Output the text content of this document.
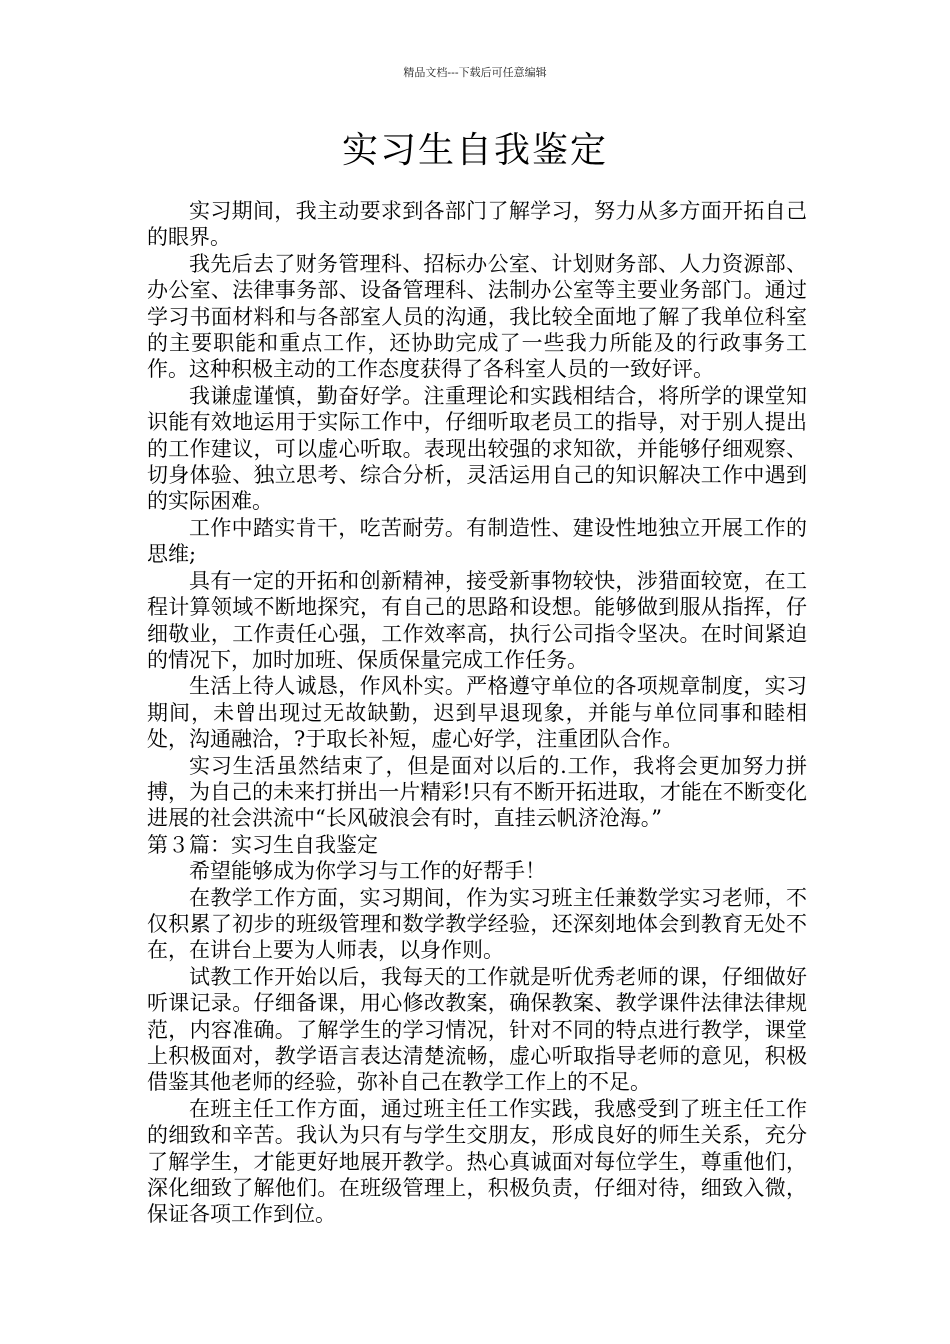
精品文档---下载后可任意编辑
实习生自我鉴定

实习期间，我主动要求到各部门了解学习，努力从多方面开拓自己的眼界。

我先后去了财务管理科、招标办公室、计划财务部、人力资源部、办公室、法律事务部、设备管理科、法制办公室等主要业务部门。通过学习书面材料和与各部室人员的沟通，我比较全面地了解了我单位科室的主要职能和重点工作，还协助完成了一些我力所能及的行政事务工作。这种积极主动的工作态度获得了各科室人员的一致好评。

我谦虚谨慎，勤奋好学。注重理论和实践相结合，将所学的课堂知识能有效地运用于实际工作中，仔细听取老员工的指导，对于别人提出的工作建议，可以虚心听取。表现出较强的求知欲，并能够仔细观察、切身体验、独立思考、综合分析，灵活运用自己的知识解决工作中遇到的实际困难。

工作中踏实肯干，吃苦耐劳。有制造性、建设性地独立开展工作的思维;

具有一定的开拓和创新精神，接受新事物较快，涉猎面较宽，在工程计算领域不断地探究，有自己的思路和设想。能够做到服从指挥，仔细敬业，工作责任心强，工作效率高，执行公司指令坚决。在时间紧迫的情况下，加时加班、保质保量完成工作任务。

生活上待人诚恳，作风朴实。严格遵守单位的各项规章制度，实习期间，未曾出现过无故缺勤，迟到早退现象，并能与单位同事和睦相处，沟通融洽，?于取长补短，虚心好学，注重团队合作。

实习生活虽然结束了，但是面对以后的.工作，我将会更加努力拼搏，为自己的未来打拼出一片精彩!只有不断开拓进取，才能在不断变化进展的社会洪流中“长风破浪会有时，直挂云帆济沧海。”

第３篇：实习生自我鉴定

希望能够成为你学习与工作的好帮手！

在教学工作方面，实习期间，作为实习班主任兼数学实习老师，不仅积累了初步的班级管理和数学教学经验，还深刻地体会到教育无处不在，在讲台上要为人师表，以身作则。

试教工作开始以后，我每天的工作就是听优秀老师的课，仔细做好听课记录。仔细备课，用心修改教案，确保教案、教学课件法律法律规范，内容准确。了解学生的学习情况，针对不同的特点进行教学，课堂上积极面对，教学语言表达清楚流畅，虚心听取指导老师的意见，积极借鉴其他老师的经验，弥补自己在教学工作上的不足。

在班主任工作方面，通过班主任工作实践，我感受到了班主任工作的细致和辛苦。我认为只有与学生交朋友，形成良好的师生关系，充分了解学生，才能更好地展开教学。热心真诚面对每位学生，尊重他们，深化细致了解他们。在班级管理上，积极负责，仔细对待，细致入微，保证各项工作到位。
